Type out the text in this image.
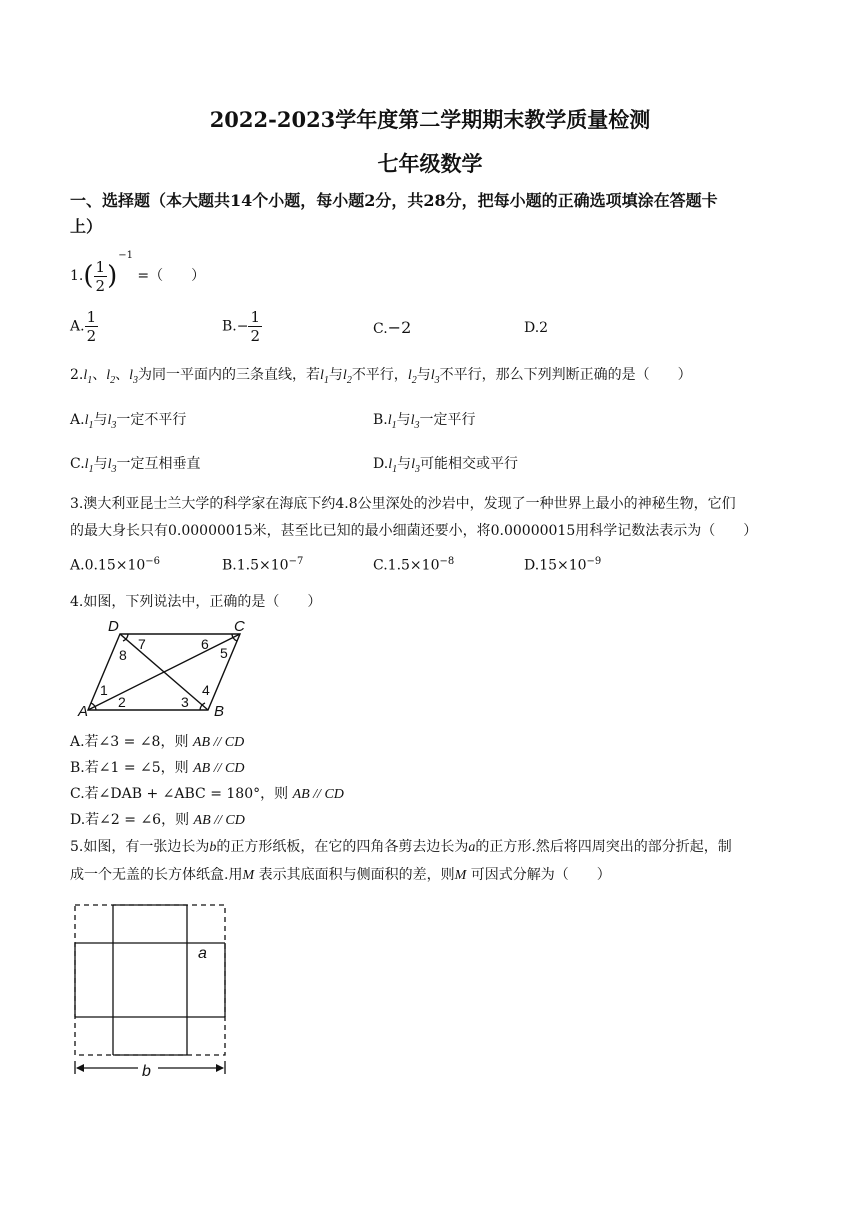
2022-2023学年度第二学期期末教学质量检测
七年级数学
一、选择题（本大题共14个小题，每小题2分，共28分，把每小题的正确选项填涂在答题卡
上）
$1.( \frac{1}{2} )^{-1}$ =（　　）
A. $\frac{1}{2}$	$B.- \frac{1}{2}$	C.−2	D.2
$2.l_1$、$l_2$、$l_3$为同一平面内的三条直线，若$l_1$与$l_2$不平行，$l_2$与$l_3$不平行，那么下列判断正确的是（　　）
$A.l_1$与$l_3$一定不平行	$B.l_1$与$l_3$一定平行
$C.l_1$与$l_3$一定互相垂直	$D.l_1$与$l_3$可能相交或平行
3.澳大利亚昆士兰大学的科学家在海底下约4.8公里深处的沙岩中，发现了一种世界上最小的神秘生物，它们
的最大身长只有0.00000015米，甚至比已知的最小细菌还要小，将0.00000015用科学记数法表示为（　　）
$A.0.15\times 10^{-6}$	$B.1.5\times 10^{-7}$	$C.1.5\times 10^{-8}$	$D.15\times 10^{-9}$
4.如图，下列说法中，正确的是（　　）
A	B
C
D
1
2	3
4
5
6
7
8
A.若∠3 = ∠8，则 AB // CD
B.若∠1 = ∠5，则 AB // CD
C.若∠DAB + ∠ABC = 180°，则 AB // CD
D.若∠2 = ∠6，则 AB // CD
5.如图，有一张边长为b的正方形纸板，在它的四角各剪去边长为a的正方形.然后将四周突出的部分折起，制
成一个无盖的长方体纸盒.用M 表示其底面积与侧面积的差，则M 可因式分解为（　　）
a
b
